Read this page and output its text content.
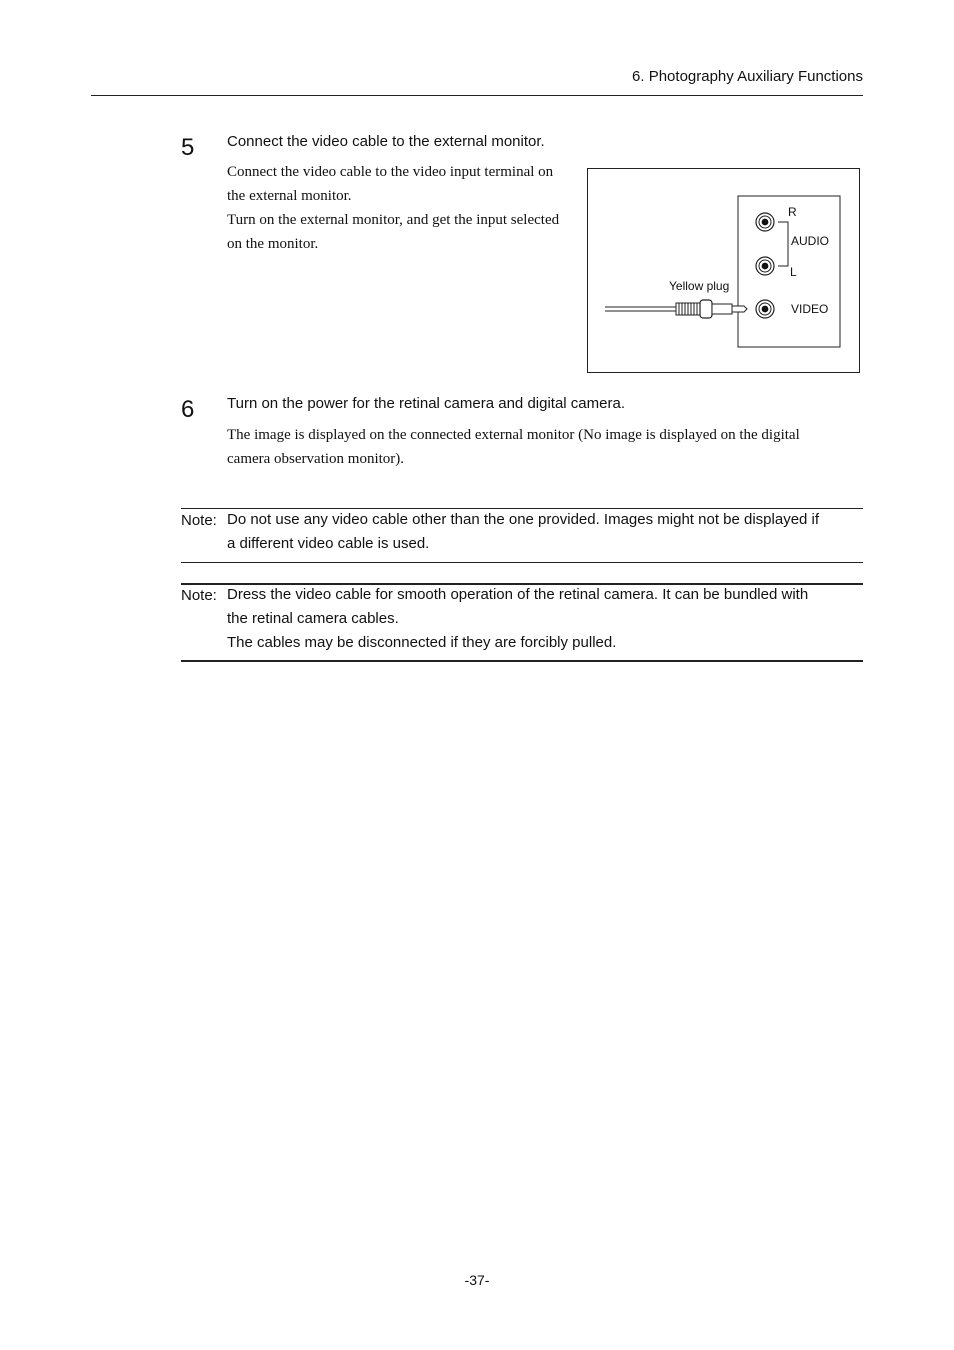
6. Photography Auxiliary Functions
5 Connect the video cable to the external monitor.
Connect the video cable to the video input terminal on
the external monitor.
Turn on the external monitor, and get the input selected
on the monitor.
R
AUDIO
L
VIDEO
Yellow plug
6 Turn on the power for the retinal camera and digital camera.
The image is displayed on the connected external monitor (No image is displayed on the digital
camera observation monitor).
Note: Do not use any video cable other than the one provided. Images might not be displayed if
a different video cable is used.
Note: Dress the video cable for smooth operation of the retinal camera. It can be bundled with
the retinal camera cables.
The cables may be disconnected if they are forcibly pulled.
-37-
